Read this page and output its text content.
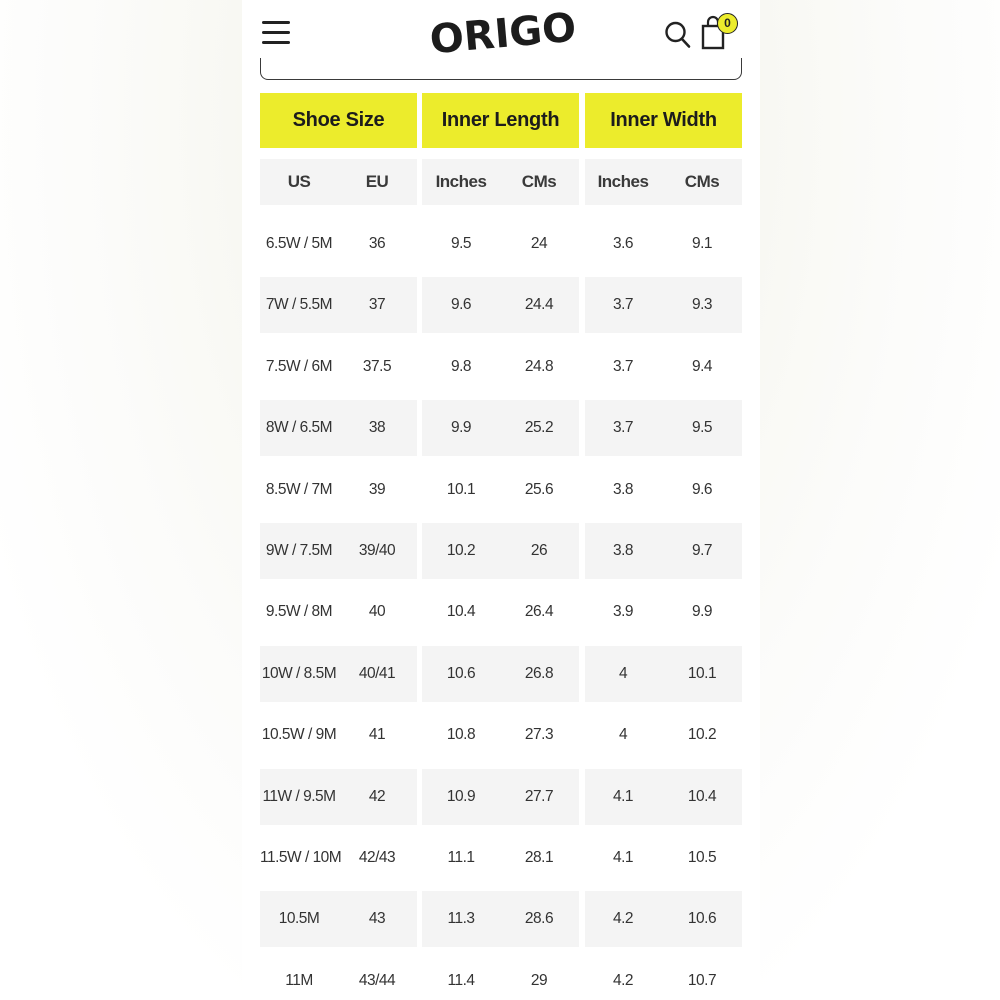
ORIGO	0
Shoe Size
US	EU
Inner Length
Inches	CMs
Inner Width
Inches	CMs
6.5W / 5M	36	9.5	24	3.6	9.1
7W / 5.5M	37	9.6	24.4	3.7	9.3
7.5W / 6M	37.5	9.8	24.8	3.7	9.4
8W / 6.5M	38	9.9	25.2	3.7	9.5
8.5W / 7M	39	10.1	25.6	3.8	9.6
9W / 7.5M	39/40	10.2	26	3.8	9.7
9.5W / 8M	40	10.4	26.4	3.9	9.9
10W / 8.5M	40/41	10.6	26.8	4	10.1
10.5W / 9M	41	10.8	27.3	4	10.2
11W / 9.5M	42	10.9	27.7	4.1	10.4
11.5W / 10M	42/43	11.1	28.1	4.1	10.5
10.5M	43	11.3	28.6	4.2	10.6
11M	43/44	11.4	29	4.2	10.7
